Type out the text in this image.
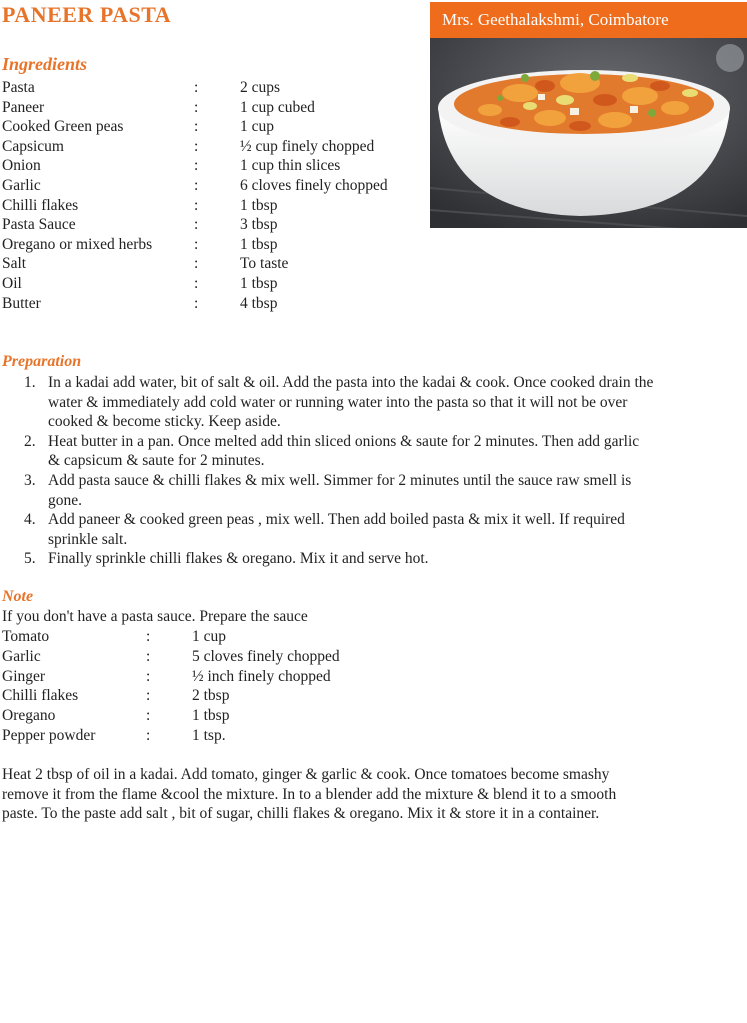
PANEER PASTA	Mrs. Geethalakshmi, Coimbatore
Ingredients
Pasta	:	2 cups
Paneer	:	1 cup cubed
Cooked Green peas	:	1 cup
Capsicum	:	½ cup finely chopped
Onion	:	1 cup thin slices
Garlic	:	6 cloves finely chopped
Chilli flakes	:	1 tbsp
Pasta Sauce	:	3 tbsp
Oregano or mixed herbs	:	1 tbsp
Salt	:	To taste
Oil	:	1 tbsp
Butter	:	4 tbsp
Preparation
1. In a kadai add water, bit of salt & oil. Add the pasta into the kadai & cook. Once cooked drain the water & immediately add cold water or running water into the pasta so that it will not be over cooked & become sticky. Keep aside.
2. Heat butter in a pan. Once melted add thin sliced onions & saute for 2 minutes. Then add garlic & capsicum & saute for 2 minutes.
3. Add pasta sauce & chilli flakes & mix well. Simmer for 2 minutes until the sauce raw smell is gone.
4. Add paneer & cooked green peas , mix well. Then add boiled pasta & mix it well. If required sprinkle salt.
5. Finally sprinkle chilli flakes & oregano. Mix it and serve hot.
Note
If you don't have a pasta sauce. Prepare the sauce
Tomato	:	1 cup
Garlic	:	5 cloves finely chopped
Ginger	:	½ inch finely chopped
Chilli flakes	:	2 tbsp
Oregano	:	1 tbsp
Pepper powder	:	1 tsp.
Heat 2 tbsp of oil in a kadai. Add tomato, ginger & garlic & cook. Once tomatoes become smashy remove it from the flame &cool the mixture. In to a blender add the mixture & blend it to a smooth paste. To the paste add salt , bit of sugar, chilli flakes & oregano. Mix it & store it in a container.
